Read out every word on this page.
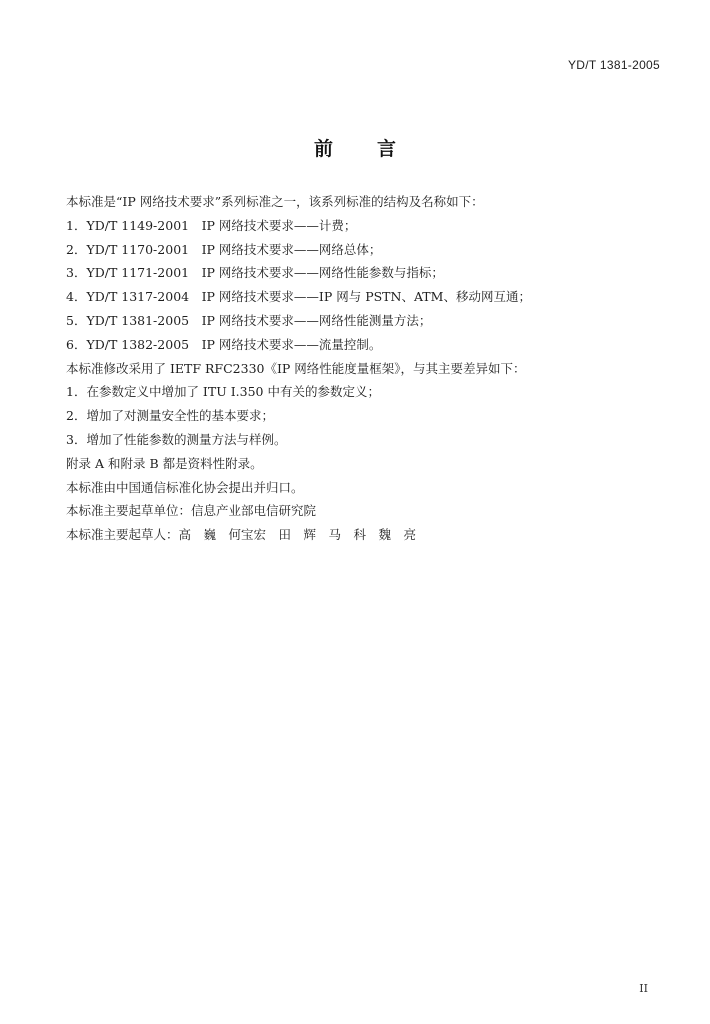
YD/T 1381-2005
前言
本标准是“IP 网络技术要求”系列标准之一，该系列标准的结构及名称如下：
1．YD/T 1149-2001　IP 网络技术要求——计费；
2．YD/T 1170-2001　IP 网络技术要求——网络总体；
3．YD/T 1171-2001　IP 网络技术要求——网络性能参数与指标；
4．YD/T 1317-2004　IP 网络技术要求——IP 网与 PSTN、ATM、移动网互通；
5．YD/T 1381-2005　IP 网络技术要求——网络性能测量方法；
6．YD/T 1382-2005　IP 网络技术要求——流量控制。
本标准修改采用了 IETF RFC2330《IP 网络性能度量框架》，与其主要差异如下：
1．在参数定义中增加了 ITU I.350 中有关的参数定义；
2．增加了对测量安全性的基本要求；
3．增加了性能参数的测量方法与样例。
附录 A 和附录 B 都是资料性附录。
本标准由中国通信标准化协会提出并归口。
本标准主要起草单位：信息产业部电信研究院
本标准主要起草人：高　巍　何宝宏　田　辉　马　科　魏　亮
II
